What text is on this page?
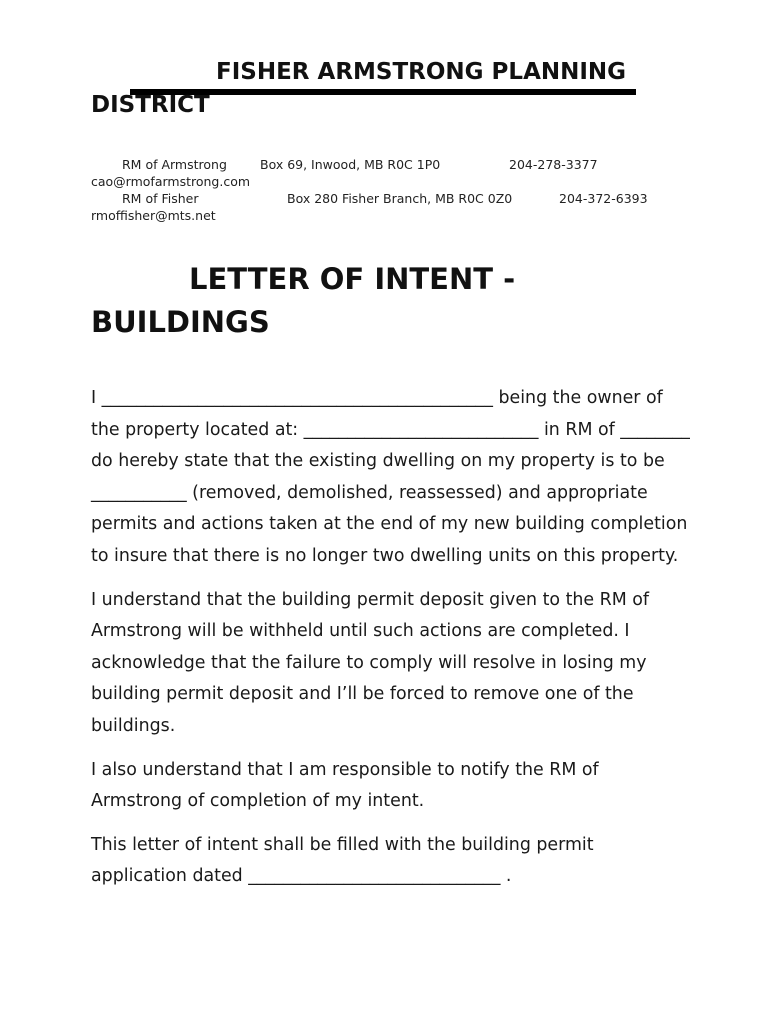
FISHER ARMSTRONG PLANNING DISTRICT
RM of Armstrong	Box 69, Inwood, MB R0C 1P0	204-278-3377
cao@rmofarmstrong.com
RM of Fisher	Box 280 Fisher Branch, MB R0C 0Z0	204-372-6393
rmoffisher@mts.net
LETTER OF INTENT - BUILDINGS

I _____________________________________________ being the owner of the property located at: ___________________________ in RM of ________ do hereby state that the existing dwelling on my property is to be ___________ (removed, demolished, reassessed) and appropriate permits and actions taken at the end of my new building completion to insure that there is no longer two dwelling units on this property.

I understand that the building permit deposit given to the RM of Armstrong will be withheld until such actions are completed. I acknowledge that the failure to comply will resolve in losing my building permit deposit and I’ll be forced to remove one of the buildings.

I also understand that I am responsible to notify the RM of Armstrong of completion of my intent.

This letter of intent shall be filled with the building permit application dated _____________________________ .
